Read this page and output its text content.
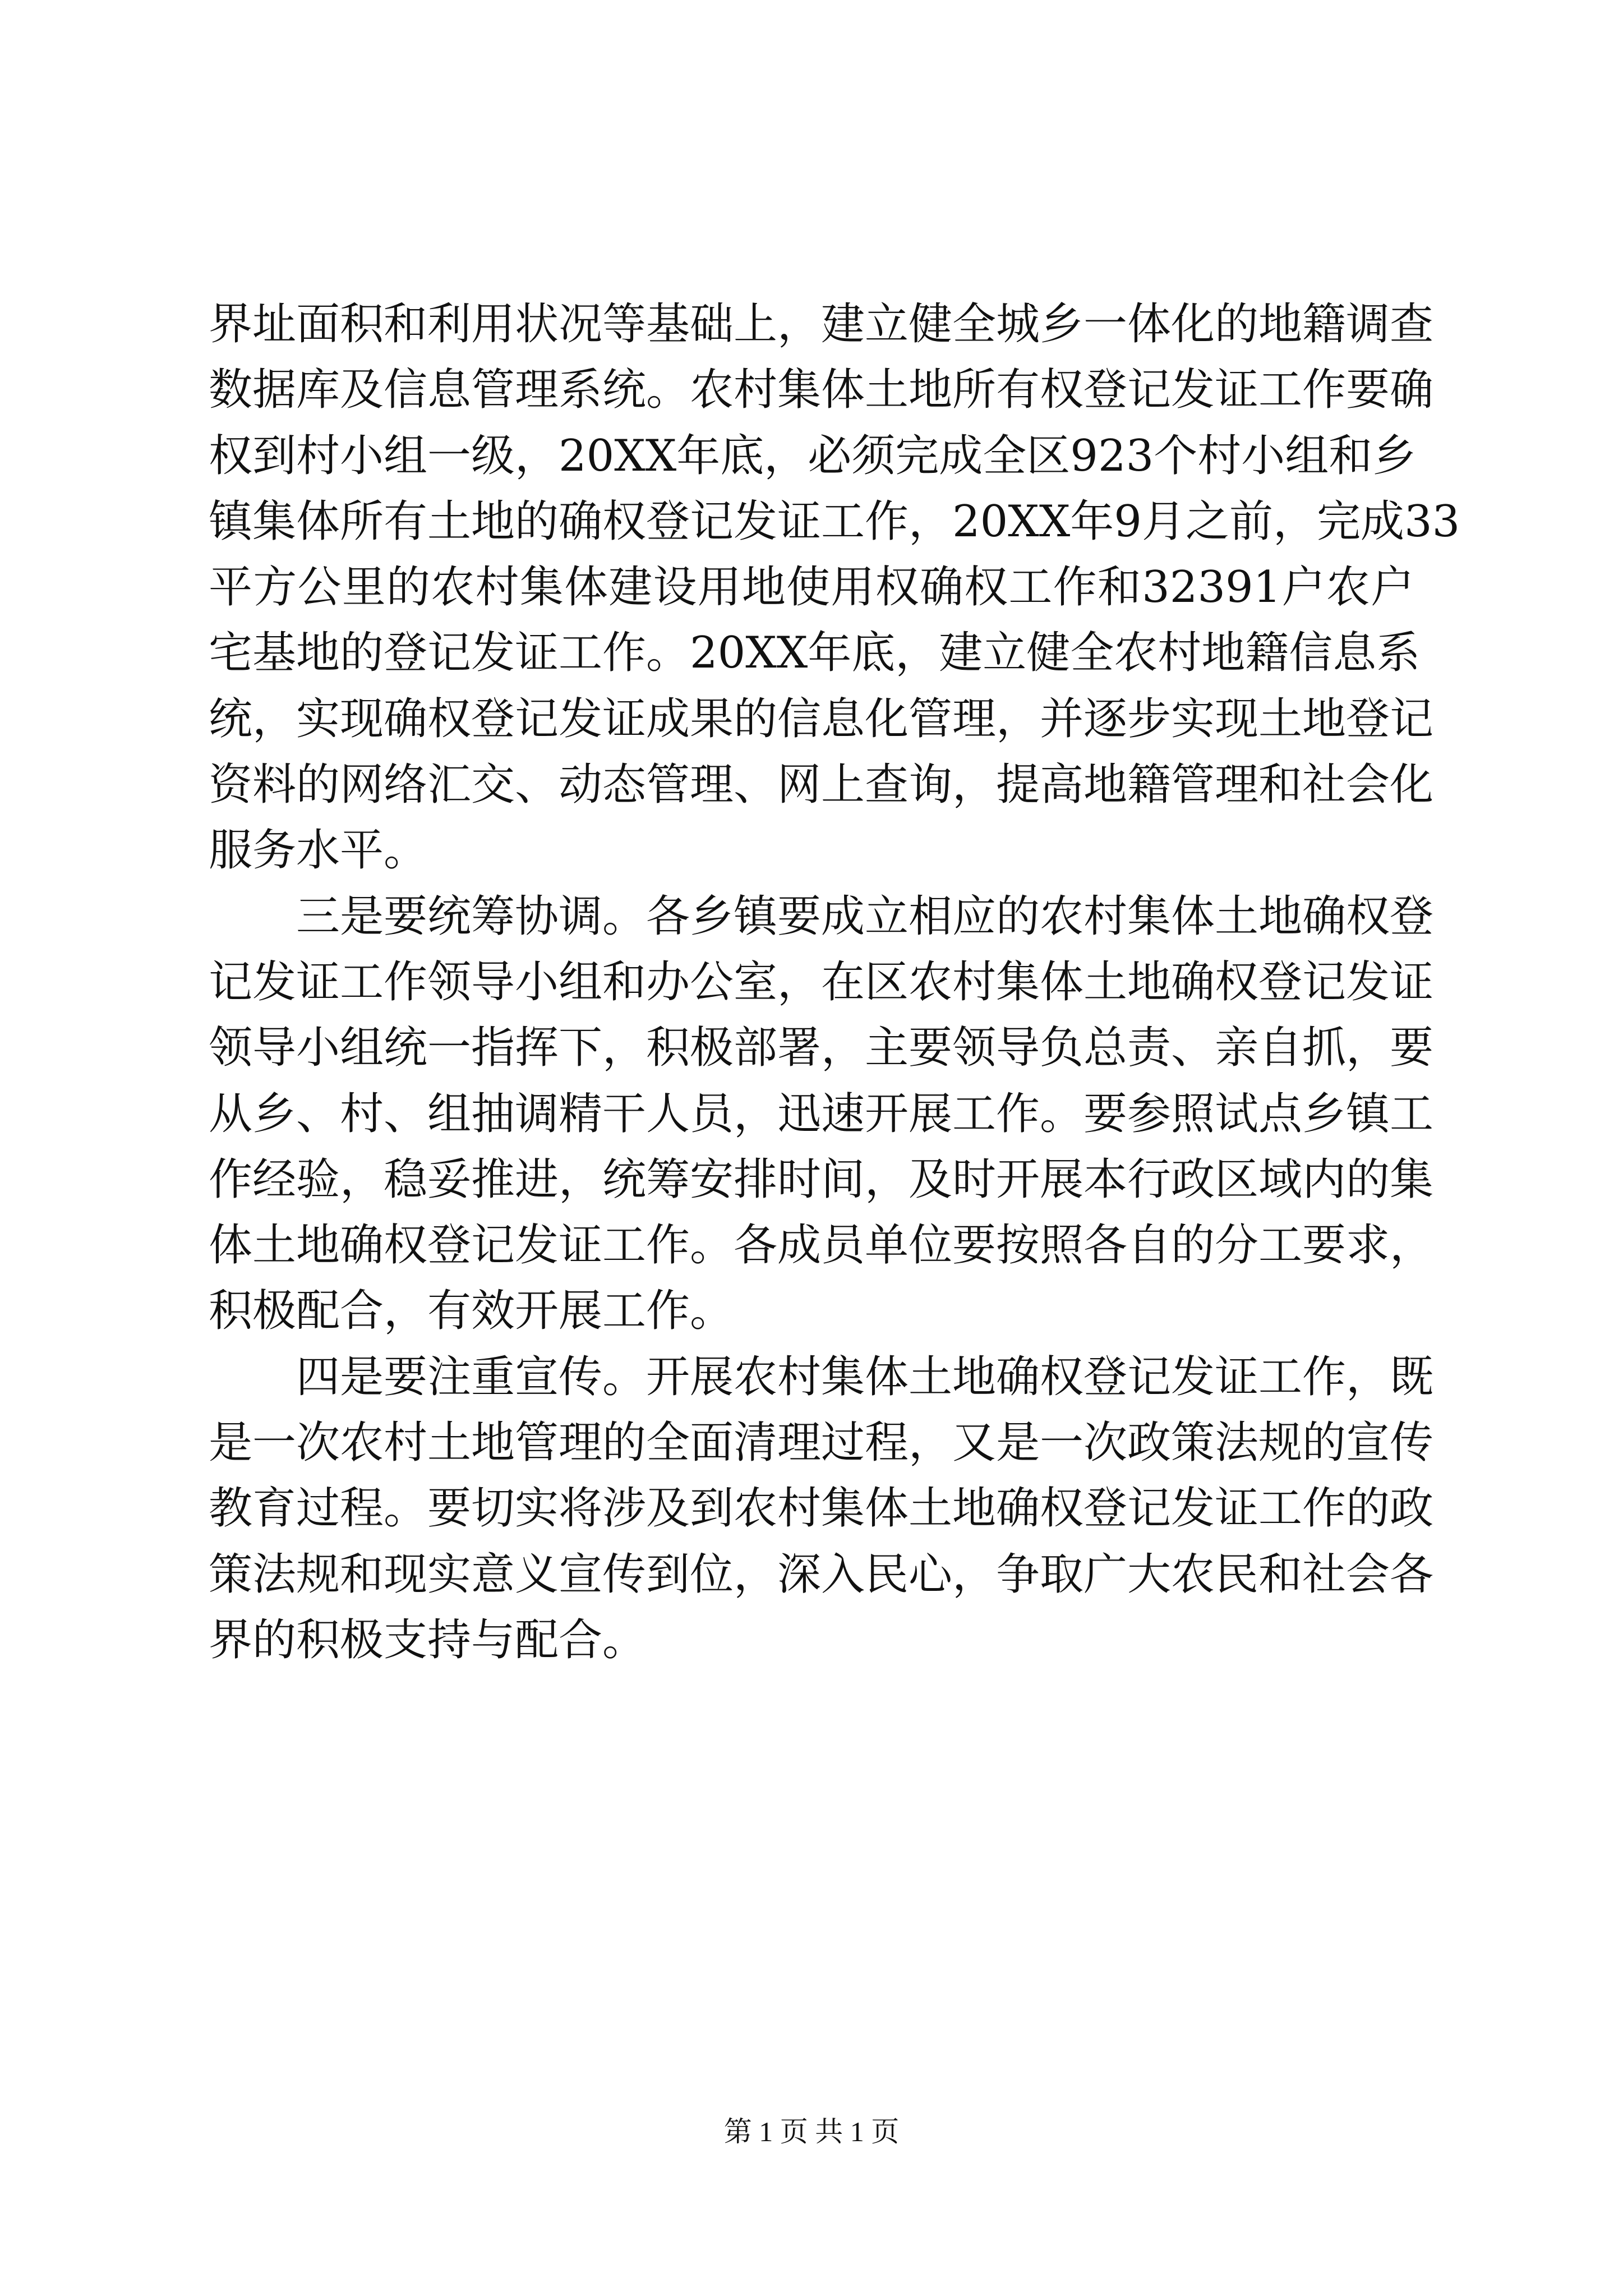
界址面积和利用状况等基础上，建立健全城乡一体化的地籍调查
数据库及信息管理系统。农村集体土地所有权登记发证工作要确
权到村小组一级，20XX年底，必须完成全区923个村小组和乡
镇集体所有土地的确权登记发证工作，20XX年9月之前，完成33
平方公里的农村集体建设用地使用权确权工作和32391户农户
宅基地的登记发证工作。20XX年底，建立健全农村地籍信息系
统，实现确权登记发证成果的信息化管理，并逐步实现土地登记
资料的网络汇交、动态管理、网上查询，提高地籍管理和社会化
服务水平。
三是要统筹协调。各乡镇要成立相应的农村集体土地确权登
记发证工作领导小组和办公室，在区农村集体土地确权登记发证
领导小组统一指挥下，积极部署，主要领导负总责、亲自抓，要
从乡、村、组抽调精干人员，迅速开展工作。要参照试点乡镇工
作经验，稳妥推进，统筹安排时间，及时开展本行政区域内的集
体土地确权登记发证工作。各成员单位要按照各自的分工要求，
积极配合，有效开展工作。
四是要注重宣传。开展农村集体土地确权登记发证工作，既
是一次农村土地管理的全面清理过程，又是一次政策法规的宣传
教育过程。要切实将涉及到农村集体土地确权登记发证工作的政
策法规和现实意义宣传到位，深入民心，争取广大农民和社会各
界的积极支持与配合。
第 1 页 共 1 页
